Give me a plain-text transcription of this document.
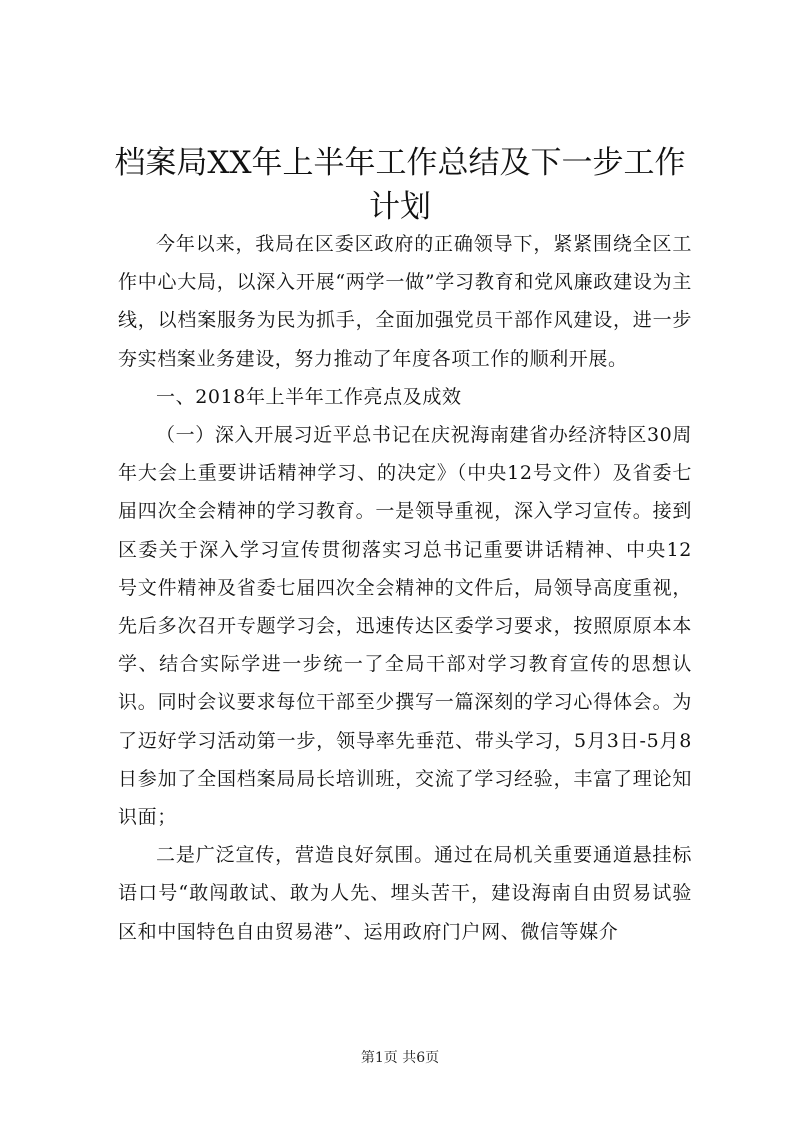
档案局XX年上半年工作总结及下一步工作计划

今年以来，我局在区委区政府的正确领导下，紧紧围绕全区工作中心大局，以深入开展“两学一做”学习教育和党风廉政建设为主线，以档案服务为民为抓手，全面加强党员干部作风建设，进一步夯实档案业务建设，努力推动了年度各项工作的顺利开展。

一、2018年上半年工作亮点及成效

（一）深入开展习近平总书记在庆祝海南建省办经济特区30周年大会上重要讲话精神学习、的决定》（中央12号文件）及省委七届四次全会精神的学习教育。一是领导重视，深入学习宣传。接到区委关于深入学习宣传贯彻落实习总书记重要讲话精神、中央12号文件精神及省委七届四次全会精神的文件后，局领导高度重视，先后多次召开专题学习会，迅速传达区委学习要求，按照原原本本学、结合实际学进一步统一了全局干部对学习教育宣传的思想认识。同时会议要求每位干部至少撰写一篇深刻的学习心得体会。为了迈好学习活动第一步，领导率先垂范、带头学习，5月3日-5月8日参加了全国档案局局长培训班，交流了学习经验，丰富了理论知识面；

二是广泛宣传，营造良好氛围。通过在局机关重要通道悬挂标语口号“敢闯敢试、敢为人先、埋头苦干，建设海南自由贸易试验区和中国特色自由贸易港”、运用政府门户网、微信等媒介

第1页 共6页
